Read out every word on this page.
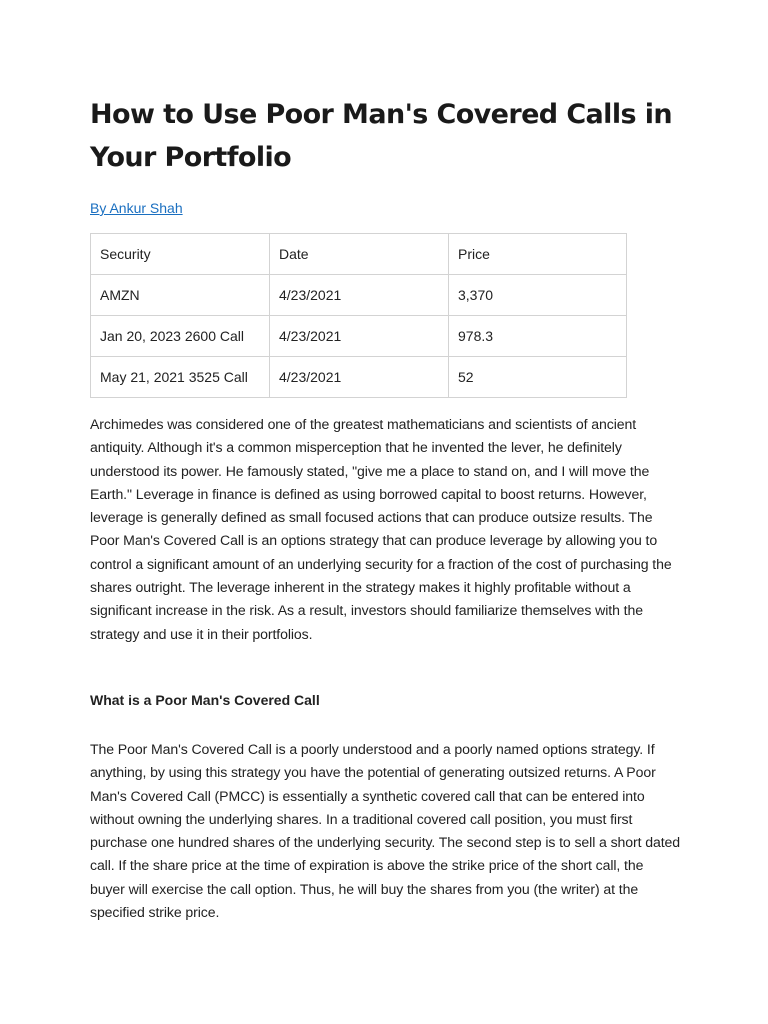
How to Use Poor Man's Covered Calls in Your Portfolio
By Ankur Shah
Security	Date	Price
AMZN	4/23/2021	3,370
Jan 20, 2023 2600 Call	4/23/2021	978.3
May 21, 2021 3525 Call	4/23/2021	52

Archimedes was considered one of the greatest mathematicians and scientists of ancient antiquity. Although it's a common misperception that he invented the lever, he definitely understood its power. He famously stated, "give me a place to stand on, and I will move the Earth." Leverage in finance is defined as using borrowed capital to boost returns. However, leverage is generally defined as small focused actions that can produce outsize results. The Poor Man's Covered Call is an options strategy that can produce leverage by allowing you to control a significant amount of an underlying security for a fraction of the cost of purchasing the shares outright. The leverage inherent in the strategy makes it highly profitable without a significant increase in the risk. As a result, investors should familiarize themselves with the strategy and use it in their portfolios.

What is a Poor Man's Covered Call

The Poor Man's Covered Call is a poorly understood and a poorly named options strategy. If anything, by using this strategy you have the potential of generating outsized returns. A Poor Man's Covered Call (PMCC) is essentially a synthetic covered call that can be entered into without owning the underlying shares. In a traditional covered call position, you must first purchase one hundred shares of the underlying security. The second step is to sell a short dated call. If the share price at the time of expiration is above the strike price of the short call, the buyer will exercise the call option. Thus, he will buy the shares from you (the writer) at the specified strike price.
